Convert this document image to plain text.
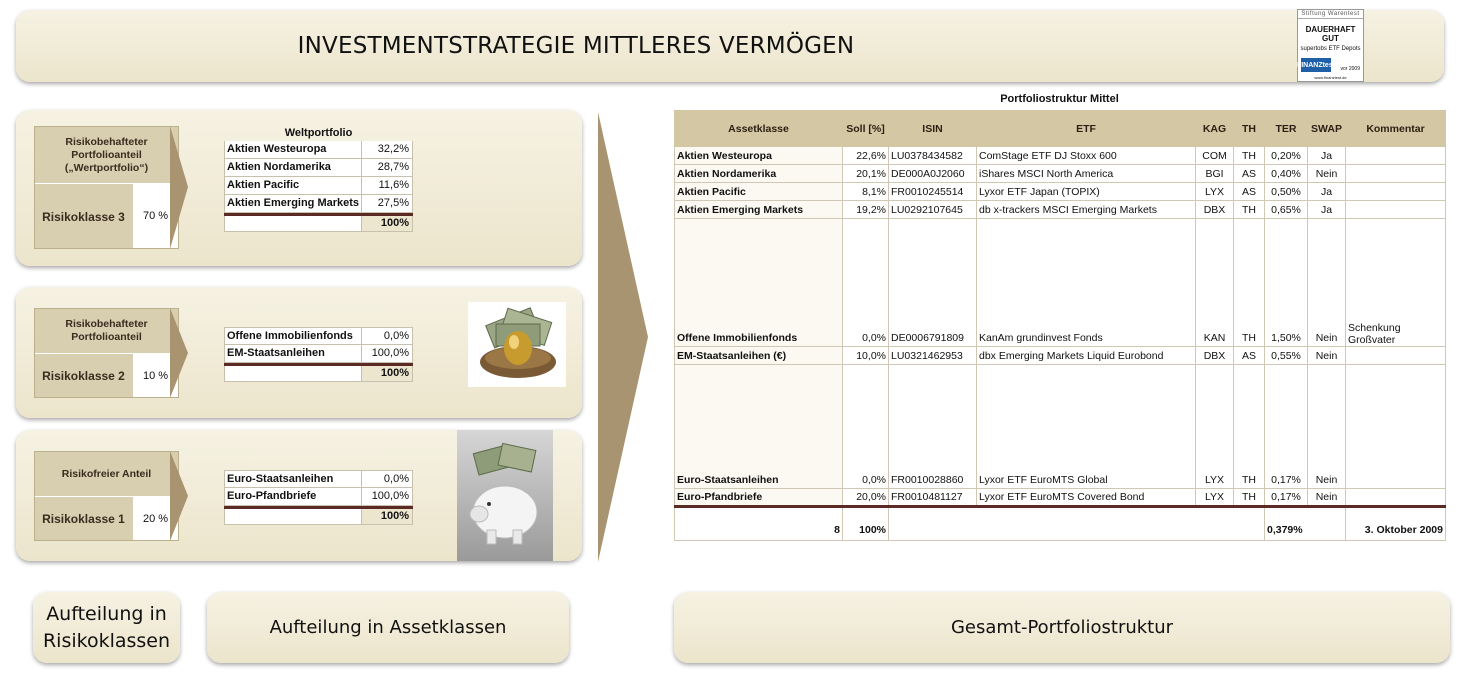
INVESTMENTSTRATEGIE MITTLERES VERMÖGEN
Stiftung Warentest
DAUERHAFT GUT
supertobs ETF Depots
FINANZtest
vor 2009
www.finanztest.de
Risikobehafteter Portfolioanteil („Wertportfolio“)
Risikoklasse 3	70 %
Weltportfolio
Aktien Westeuropa	32,2%
Aktien Nordamerika	28,7%
Aktien Pacific	11,6%
Aktien Emerging Markets	27,5%
100%
Risikobehafteter Portfolioanteil
Risikoklasse 2	10 %
Offene Immobilienfonds	0,0%
EM-Staatsanleihen	100,0%
100%
Risikofreier Anteil
Risikoklasse 1	20 %
Euro-Staatsanleihen	0,0%
Euro-Pfandbriefe	100,0%
100%
Portfoliostruktur Mittel
Assetklasse	Soll [%]	ISIN	ETF	KAG	TH	TER	SWAP	Kommentar
Aktien Westeuropa	22,6%	LU0378434582	ComStage ETF DJ Stoxx 600	COM	TH	0,20%	Ja	
Aktien Nordamerika	20,1%	DE000A0J2060	iShares MSCI North America	BGI	AS	0,40%	Nein	
Aktien Pacific	8,1%	FR0010245514	Lyxor ETF Japan (TOPIX)	LYX	AS	0,50%	Ja	
Aktien Emerging Markets	19,2%	LU0292107645	db x-trackers MSCI Emerging Markets	DBX	TH	0,65%	Ja	
Offene Immobilienfonds	0,0%	DE0006791809	KanAm grundinvest Fonds	KAN	TH	1,50%	Nein	Schenkung Großvater
EM-Staatsanleihen (€)	10,0%	LU0321462953	dbx Emerging Markets Liquid Eurobond	DBX	AS	0,55%	Nein	
Euro-Staatsanleihen	0,0%	FR0010028860	Lyxor ETF EuroMTS Global	LYX	TH	0,17%	Nein	
Euro-Pfandbriefe	20,0%	FR0010481127	Lyxor ETF EuroMTS Covered Bond	LYX	TH	0,17%	Nein	
8	100%					0,379%		3. Oktober 2009
Aufteilung in Risikoklassen
Aufteilung in Assetklassen	Gesamt-Portfoliostruktur
